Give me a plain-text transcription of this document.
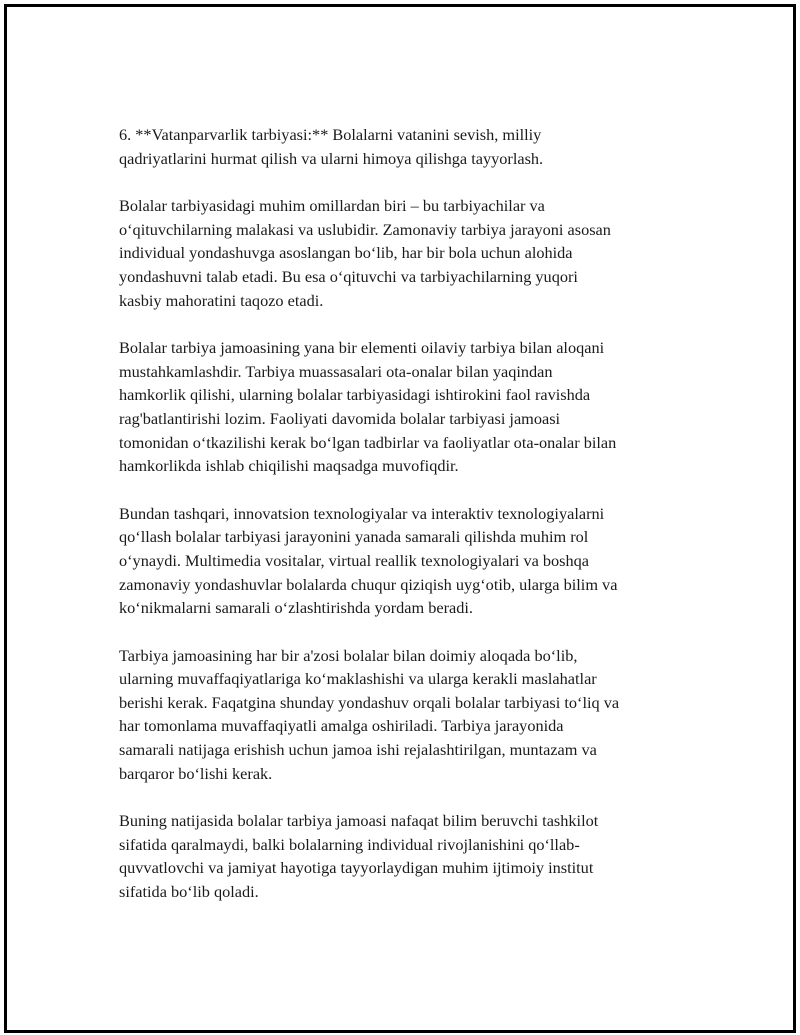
6. **Vatanparvarlik tarbiyasi:** Bolalarni vatanini sevish, milliy
qadriyatlarini hurmat qilish va ularni himoya qilishga tayyorlash.

Bolalar tarbiyasidagi muhim omillardan biri – bu tarbiyachilar va
o‘qituvchilarning malakasi va uslubidir. Zamonaviy tarbiya jarayoni asosan
individual yondashuvga asoslangan bo‘lib, har bir bola uchun alohida
yondashuvni talab etadi. Bu esa o‘qituvchi va tarbiyachilarning yuqori
kasbiy mahoratini taqozo etadi.

Bolalar tarbiya jamoasining yana bir elementi oilaviy tarbiya bilan aloqani
mustahkamlashdir. Tarbiya muassasalari ota-onalar bilan yaqindan
hamkorlik qilishi, ularning bolalar tarbiyasidagi ishtirokini faol ravishda
rag'batlantirishi lozim. Faoliyati davomida bolalar tarbiyasi jamoasi
tomonidan o‘tkazilishi kerak bo‘lgan tadbirlar va faoliyatlar ota-onalar bilan
hamkorlikda ishlab chiqilishi maqsadga muvofiqdir.

Bundan tashqari, innovatsion texnologiyalar va interaktiv texnologiyalarni
qo‘llash bolalar tarbiyasi jarayonini yanada samarali qilishda muhim rol
o‘ynaydi. Multimedia vositalar, virtual reallik texnologiyalari va boshqa
zamonaviy yondashuvlar bolalarda chuqur qiziqish uyg‘otib, ularga bilim va
ko‘nikmalarni samarali o‘zlashtirishda yordam beradi.

Tarbiya jamoasining har bir a'zosi bolalar bilan doimiy aloqada bo‘lib,
ularning muvaffaqiyatlariga ko‘maklashishi va ularga kerakli maslahatlar
berishi kerak. Faqatgina shunday yondashuv orqali bolalar tarbiyasi to‘liq va
har tomonlama muvaffaqiyatli amalga oshiriladi. Tarbiya jarayonida
samarali natijaga erishish uchun jamoa ishi rejalashtirilgan, muntazam va
barqaror bo‘lishi kerak.

Buning natijasida bolalar tarbiya jamoasi nafaqat bilim beruvchi tashkilot
sifatida qaralmaydi, balki bolalarning individual rivojlanishini qo‘llab-
quvvatlovchi va jamiyat hayotiga tayyorlaydigan muhim ijtimoiy institut
sifatida bo‘lib qoladi.
